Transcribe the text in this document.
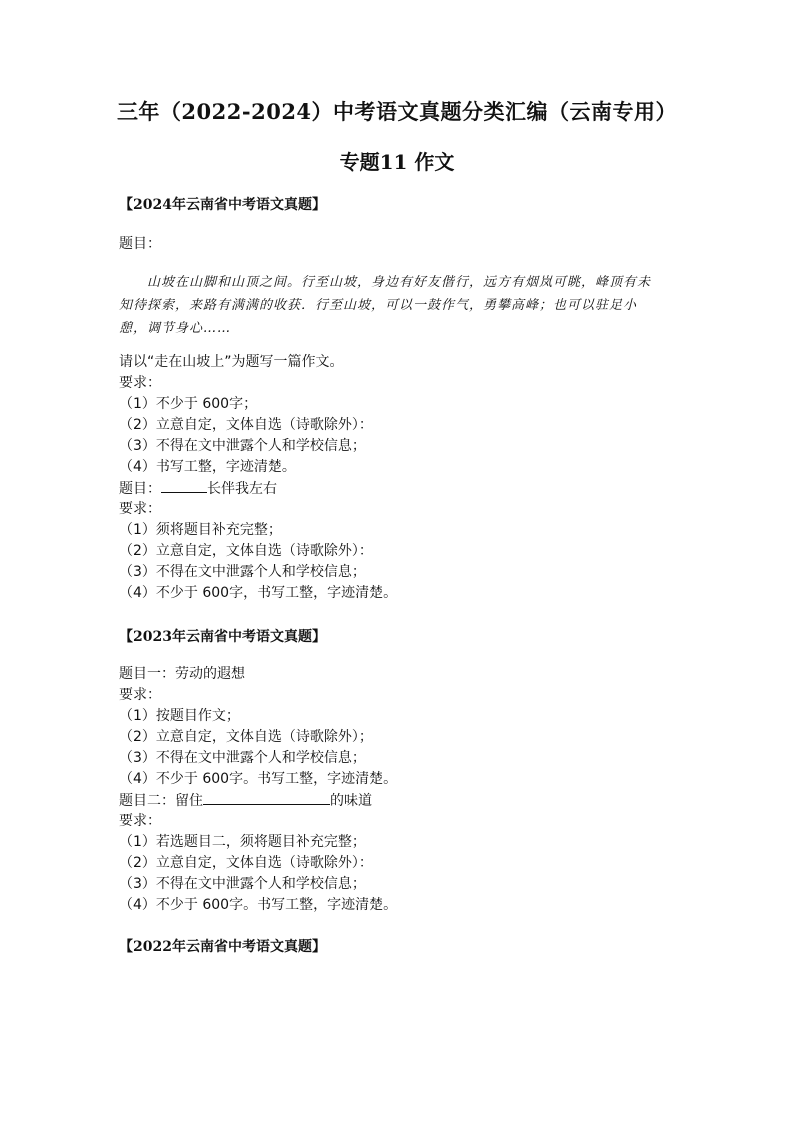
三年（2022-2024）中考语文真题分类汇编（云南专用）
专题11 作文
【2024年云南省中考语文真题】
题目：
山坡在山脚和山顶之间。行至山坡，身边有好友偕行，远方有烟岚可眺，峰顶有未知待探索，来路有满满的收获．行至山坡，可以一鼓作气，勇攀高峰；也可以驻足小憩，调节身心……
请以“走在山坡上”为题写一篇作文。
要求：
（1）不少于 600字；
（2）立意自定，文体自选（诗歌除外）：
（3）不得在文中泄露个人和学校信息；
（4）书写工整，字迹清楚。
题目：	长伴我左右
要求：
（1）须将题目补充完整；
（2）立意自定，文体自选（诗歌除外）：
（3）不得在文中泄露个人和学校信息；
（4）不少于 600字，书写工整，字迹清楚。
【2023年云南省中考语文真题】
题目一：劳动的遐想
要求：
（1）按题目作文；
（2）立意自定，文体自选（诗歌除外）；
（3）不得在文中泄露个人和学校信息；
（4）不少于 600字。书写工整，字迹清楚。
题目二：留住	的味道
要求：
（1）若选题目二，须将题目补充完整；
（2）立意自定，文体自选（诗歌除外）：
（3）不得在文中泄露个人和学校信息；
（4）不少于 600字。书写工整，字迹清楚。
【2022年云南省中考语文真题】
